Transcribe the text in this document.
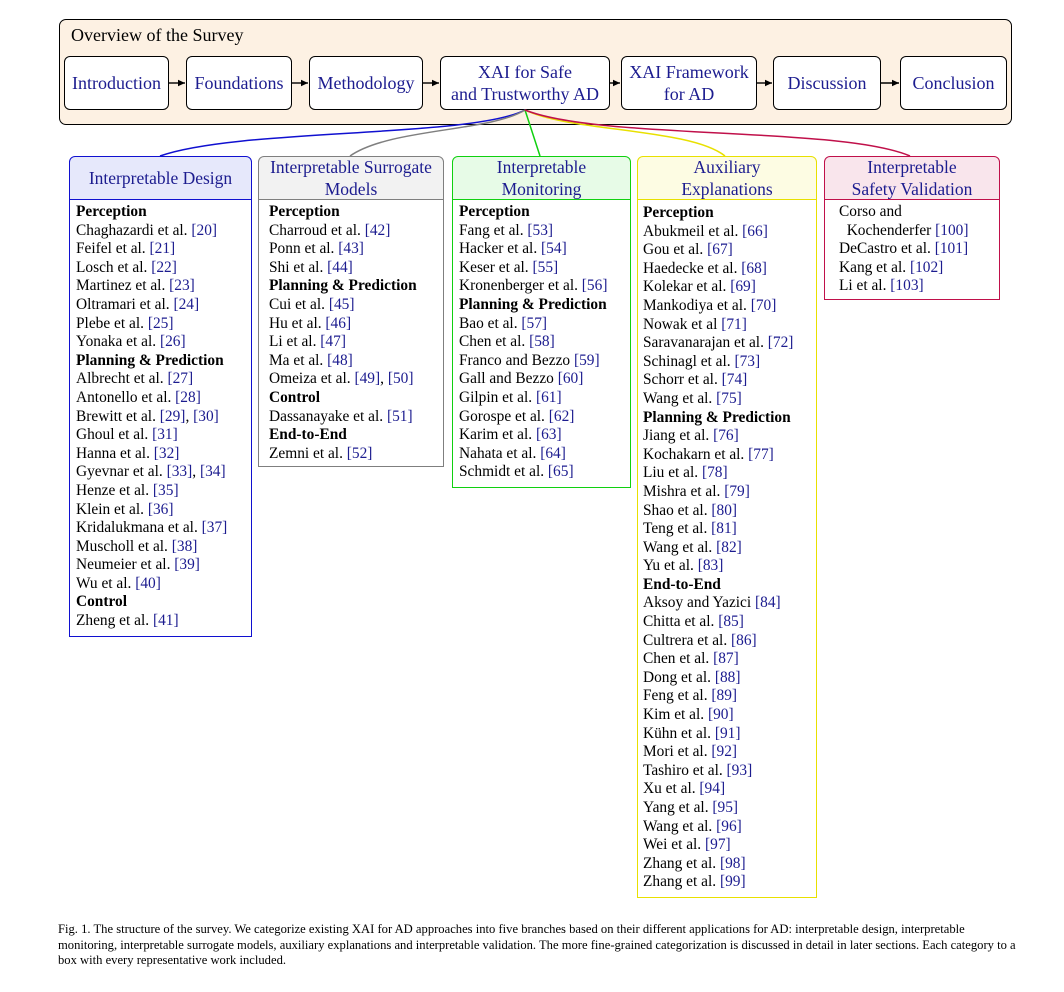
Overview of the Survey
Introduction	Foundations	Methodology
XAI for Safe
and Trustworthy AD
XAI Framework
for AD
Discussion	Conclusion
Interpretable Design
Perception
Chaghazardi et al. [20]
Feifel et al. [21]
Losch et al. [22]
Martinez et al. [23]
Oltramari et al. [24]
Plebe et al. [25]
Yonaka et al. [26]
Planning & Prediction
Albrecht et al. [27]
Antonello et al. [28]
Brewitt et al. [29], [30]
Ghoul et al. [31]
Hanna et al. [32]
Gyevnar et al. [33], [34]
Henze et al. [35]
Klein et al. [36]
Kridalukmana et al. [37]
Muscholl et al. [38]
Neumeier et al. [39]
Wu et al. [40]
Control
Zheng et al. [41]
Interpretable Surrogate
Models
Perception
Charroud et al. [42]
Ponn et al. [43]
Shi et al. [44]
Planning & Prediction
Cui et al. [45]
Hu et al. [46]
Li et al. [47]
Ma et al. [48]
Omeiza et al. [49], [50]
Control
Dassanayake et al. [51]
End-to-End
Zemni et al. [52]
Interpretable
Monitoring
Perception
Fang et al. [53]
Hacker et al. [54]
Keser et al. [55]
Kronenberger et al. [56]
Planning & Prediction
Bao et al. [57]
Chen et al. [58]
Franco and Bezzo [59]
Gall and Bezzo [60]
Gilpin et al. [61]
Gorospe et al. [62]
Karim et al. [63]
Nahata et al. [64]
Schmidt et al. [65]
Auxiliary
Explanations
Perception
Abukmeil et al. [66]
Gou et al. [67]
Haedecke et al. [68]
Kolekar et al. [69]
Mankodiya et al. [70]
Nowak et al [71]
Saravanarajan et al. [72]
Schinagl et al. [73]
Schorr et al. [74]
Wang et al. [75]
Planning & Prediction
Jiang et al. [76]
Kochakarn et al. [77]
Liu et al. [78]
Mishra et al. [79]
Shao et al. [80]
Teng et al. [81]
Wang et al. [82]
Yu et al. [83]
End-to-End
Aksoy and Yazici [84]
Chitta et al. [85]
Cultrera et al. [86]
Chen et al. [87]
Dong et al. [88]
Feng et al. [89]
Kim et al. [90]
Kühn et al. [91]
Mori et al. [92]
Tashiro et al. [93]
Xu et al. [94]
Yang et al. [95]
Wang et al. [96]
Wei et al. [97]
Zhang et al. [98]
Zhang et al. [99]
Interpretable
Safety Validation
Corso and
Kochenderfer [100]
DeCastro et al. [101]
Kang et al. [102]
Li et al. [103]
Fig. 1. The structure of the survey. We categorize existing XAI for AD approaches into five branches based on their different applications for AD: interpretable design, interpretable monitoring, interpretable surrogate models, auxiliary explanations and interpretable validation. The more fine-grained categorization is discussed in detail in later sections. Each category to a box with every representative work included.
